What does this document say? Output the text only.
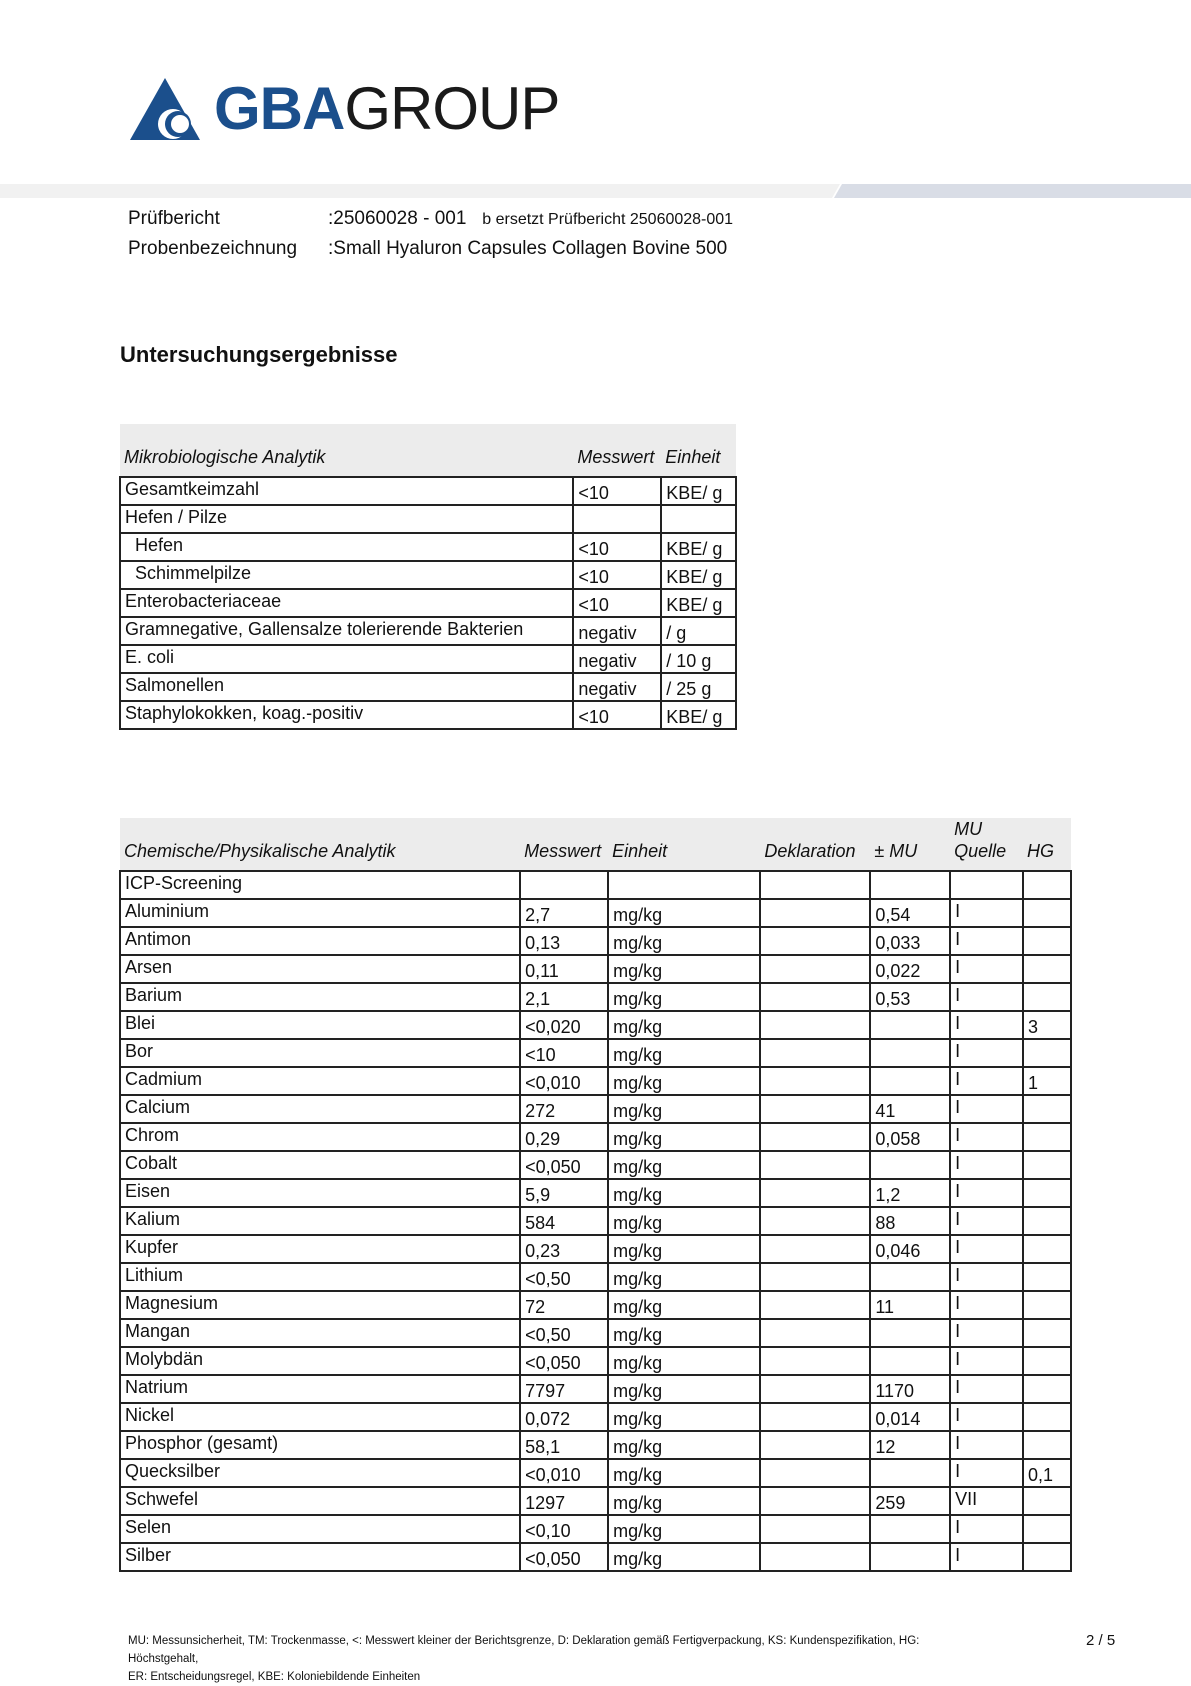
GBAGROUP
Prüfbericht	:25060028 - 001 b ersetzt Prüfbericht 25060028-001
Probenbezeichnung :Small Hyaluron Capsules Collagen Bovine 500
Untersuchungsergebnisse
Mikrobiologische Analytik	Messwert	Einheit
Gesamtkeimzahl	<10	KBE/ g
Hefen / Pilze		
Hefen	<10	KBE/ g
Schimmelpilze	<10	KBE/ g
Enterobacteriaceae	<10	KBE/ g
Gramnegative, Gallensalze tolerierende Bakterien	negativ	/ g
E. coli	negativ	/ 10 g
Salmonellen	negativ	/ 25 g
Staphylokokken, koag.-positiv	<10	KBE/ g
Chemische/Physikalische Analytik	Messwert	Einheit	Deklaration	± MU	MU Quelle	HG
ICP-Screening						
Aluminium	2,7	mg/kg		0,54	I	
Antimon	0,13	mg/kg		0,033	I	
Arsen	0,11	mg/kg		0,022	I	
Barium	2,1	mg/kg		0,53	I	
Blei	<0,020	mg/kg			I	3
Bor	<10	mg/kg			I	
Cadmium	<0,010	mg/kg			I	1
Calcium	272	mg/kg		41	I	
Chrom	0,29	mg/kg		0,058	I	
Cobalt	<0,050	mg/kg			I	
Eisen	5,9	mg/kg		1,2	I	
Kalium	584	mg/kg		88	I	
Kupfer	0,23	mg/kg		0,046	I	
Lithium	<0,50	mg/kg			I	
Magnesium	72	mg/kg		11	I	
Mangan	<0,50	mg/kg			I	
Molybdän	<0,050	mg/kg			I	
Natrium	7797	mg/kg		1170	I	
Nickel	0,072	mg/kg		0,014	I	
Phosphor (gesamt)	58,1	mg/kg		12	I	
Quecksilber	<0,010	mg/kg			I	0,1
Schwefel	1297	mg/kg		259	VII	
Selen	<0,10	mg/kg			I	
Silber	<0,050	mg/kg			I	
MU: Messunsicherheit, TM: Trockenmasse, <: Messwert kleiner der Berichtsgrenze, D: Deklaration gemäß Fertigverpackung, KS: Kundenspezifikation, HG: Höchstgehalt,
ER: Entscheidungsregel, KBE: Koloniebildende Einheiten
2 / 5
